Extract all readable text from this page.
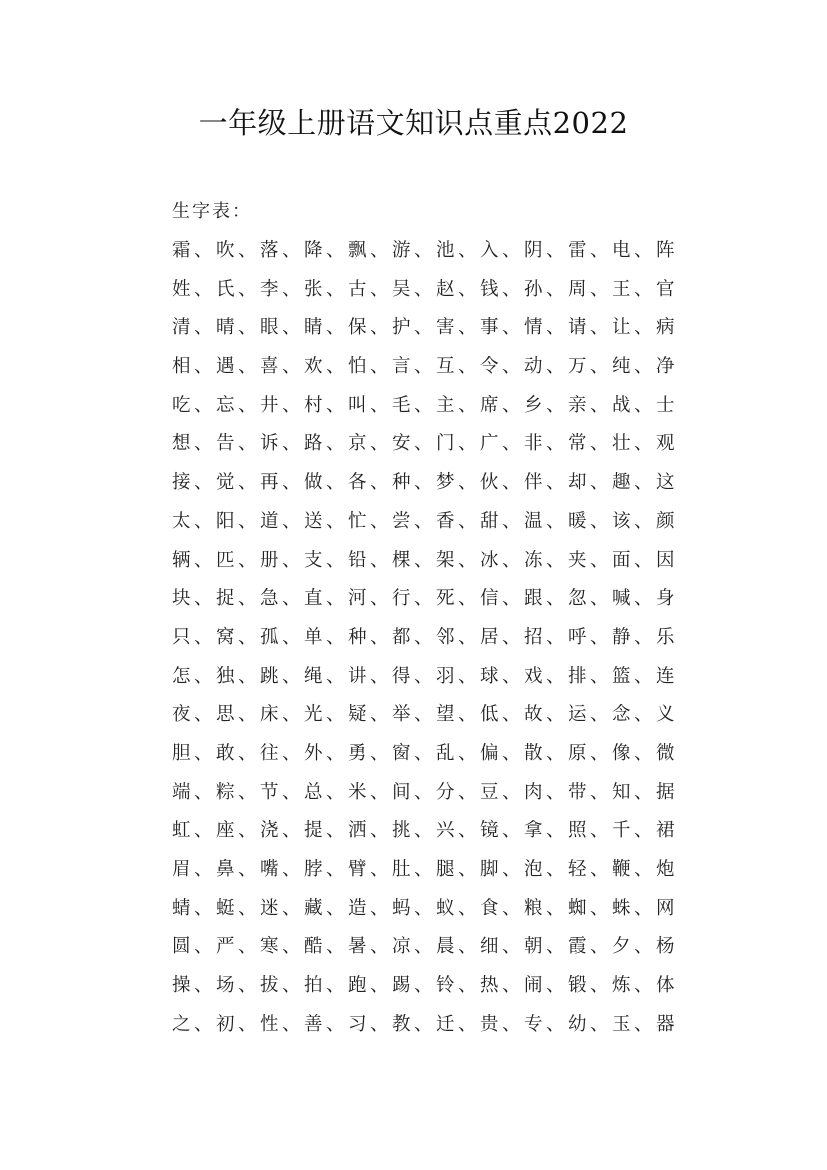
一年级上册语文知识点重点2022
生字表：
霜 、 吹 、 落 、 降 、 飘 、 游 、 池 、 入 、 阴 、 雷 、 电 、 阵
姓 、 氏 、 李 、 张 、 古 、 吴 、 赵 、 钱 、 孙 、 周 、 王 、 官
清 、 晴 、 眼 、 睛 、 保 、 护 、 害 、 事 、 情 、 请 、 让 、 病
相 、 遇 、 喜 、 欢 、 怕 、 言 、 互 、 令 、 动 、 万 、 纯 、 净
吃 、 忘 、 井 、 村 、 叫 、 毛 、 主 、 席 、 乡 、 亲 、 战 、 士
想 、 告 、 诉 、 路 、 京 、 安 、 门 、 广 、 非 、 常 、 壮 、 观
接 、 觉 、 再 、 做 、 各 、 种 、 梦 、 伙 、 伴 、 却 、 趣 、 这
太 、 阳 、 道 、 送 、 忙 、 尝 、 香 、 甜 、 温 、 暖 、 该 、 颜
辆 、 匹 、 册 、 支 、 铅 、 棵 、 架 、 冰 、 冻 、 夹 、 面 、 因
块 、 捉 、 急 、 直 、 河 、 行 、 死 、 信 、 跟 、 忽 、 喊 、 身
只 、 窝 、 孤 、 单 、 种 、 都 、 邻 、 居 、 招 、 呼 、 静 、 乐
怎 、 独 、 跳 、 绳 、 讲 、 得 、 羽 、 球 、 戏 、 排 、 篮 、 连
夜 、 思 、 床 、 光 、 疑 、 举 、 望 、 低 、 故 、 运 、 念 、 义
胆 、 敢 、 往 、 外 、 勇 、 窗 、 乱 、 偏 、 散 、 原 、 像 、 微
端 、 粽 、 节 、 总 、 米 、 间 、 分 、 豆 、 肉 、 带 、 知 、 据
虹 、 座 、 浇 、 提 、 洒 、 挑 、 兴 、 镜 、 拿 、 照 、 千 、 裙
眉 、 鼻 、 嘴 、 脖 、 臂 、 肚 、 腿 、 脚 、 泡 、 轻 、 鞭 、 炮
蜻 、 蜓 、 迷 、 藏 、 造 、 蚂 、 蚁 、 食 、 粮 、 蜘 、 蛛 、 网
圆 、 严 、 寒 、 酷 、 暑 、 凉 、 晨 、 细 、 朝 、 霞 、 夕 、 杨
操 、 场 、 拔 、 拍 、 跑 、 踢 、 铃 、 热 、 闹 、 锻 、 炼 、 体
之 、 初 、 性 、 善 、 习 、 教 、 迁 、 贵 、 专 、 幼 、 玉 、 器
